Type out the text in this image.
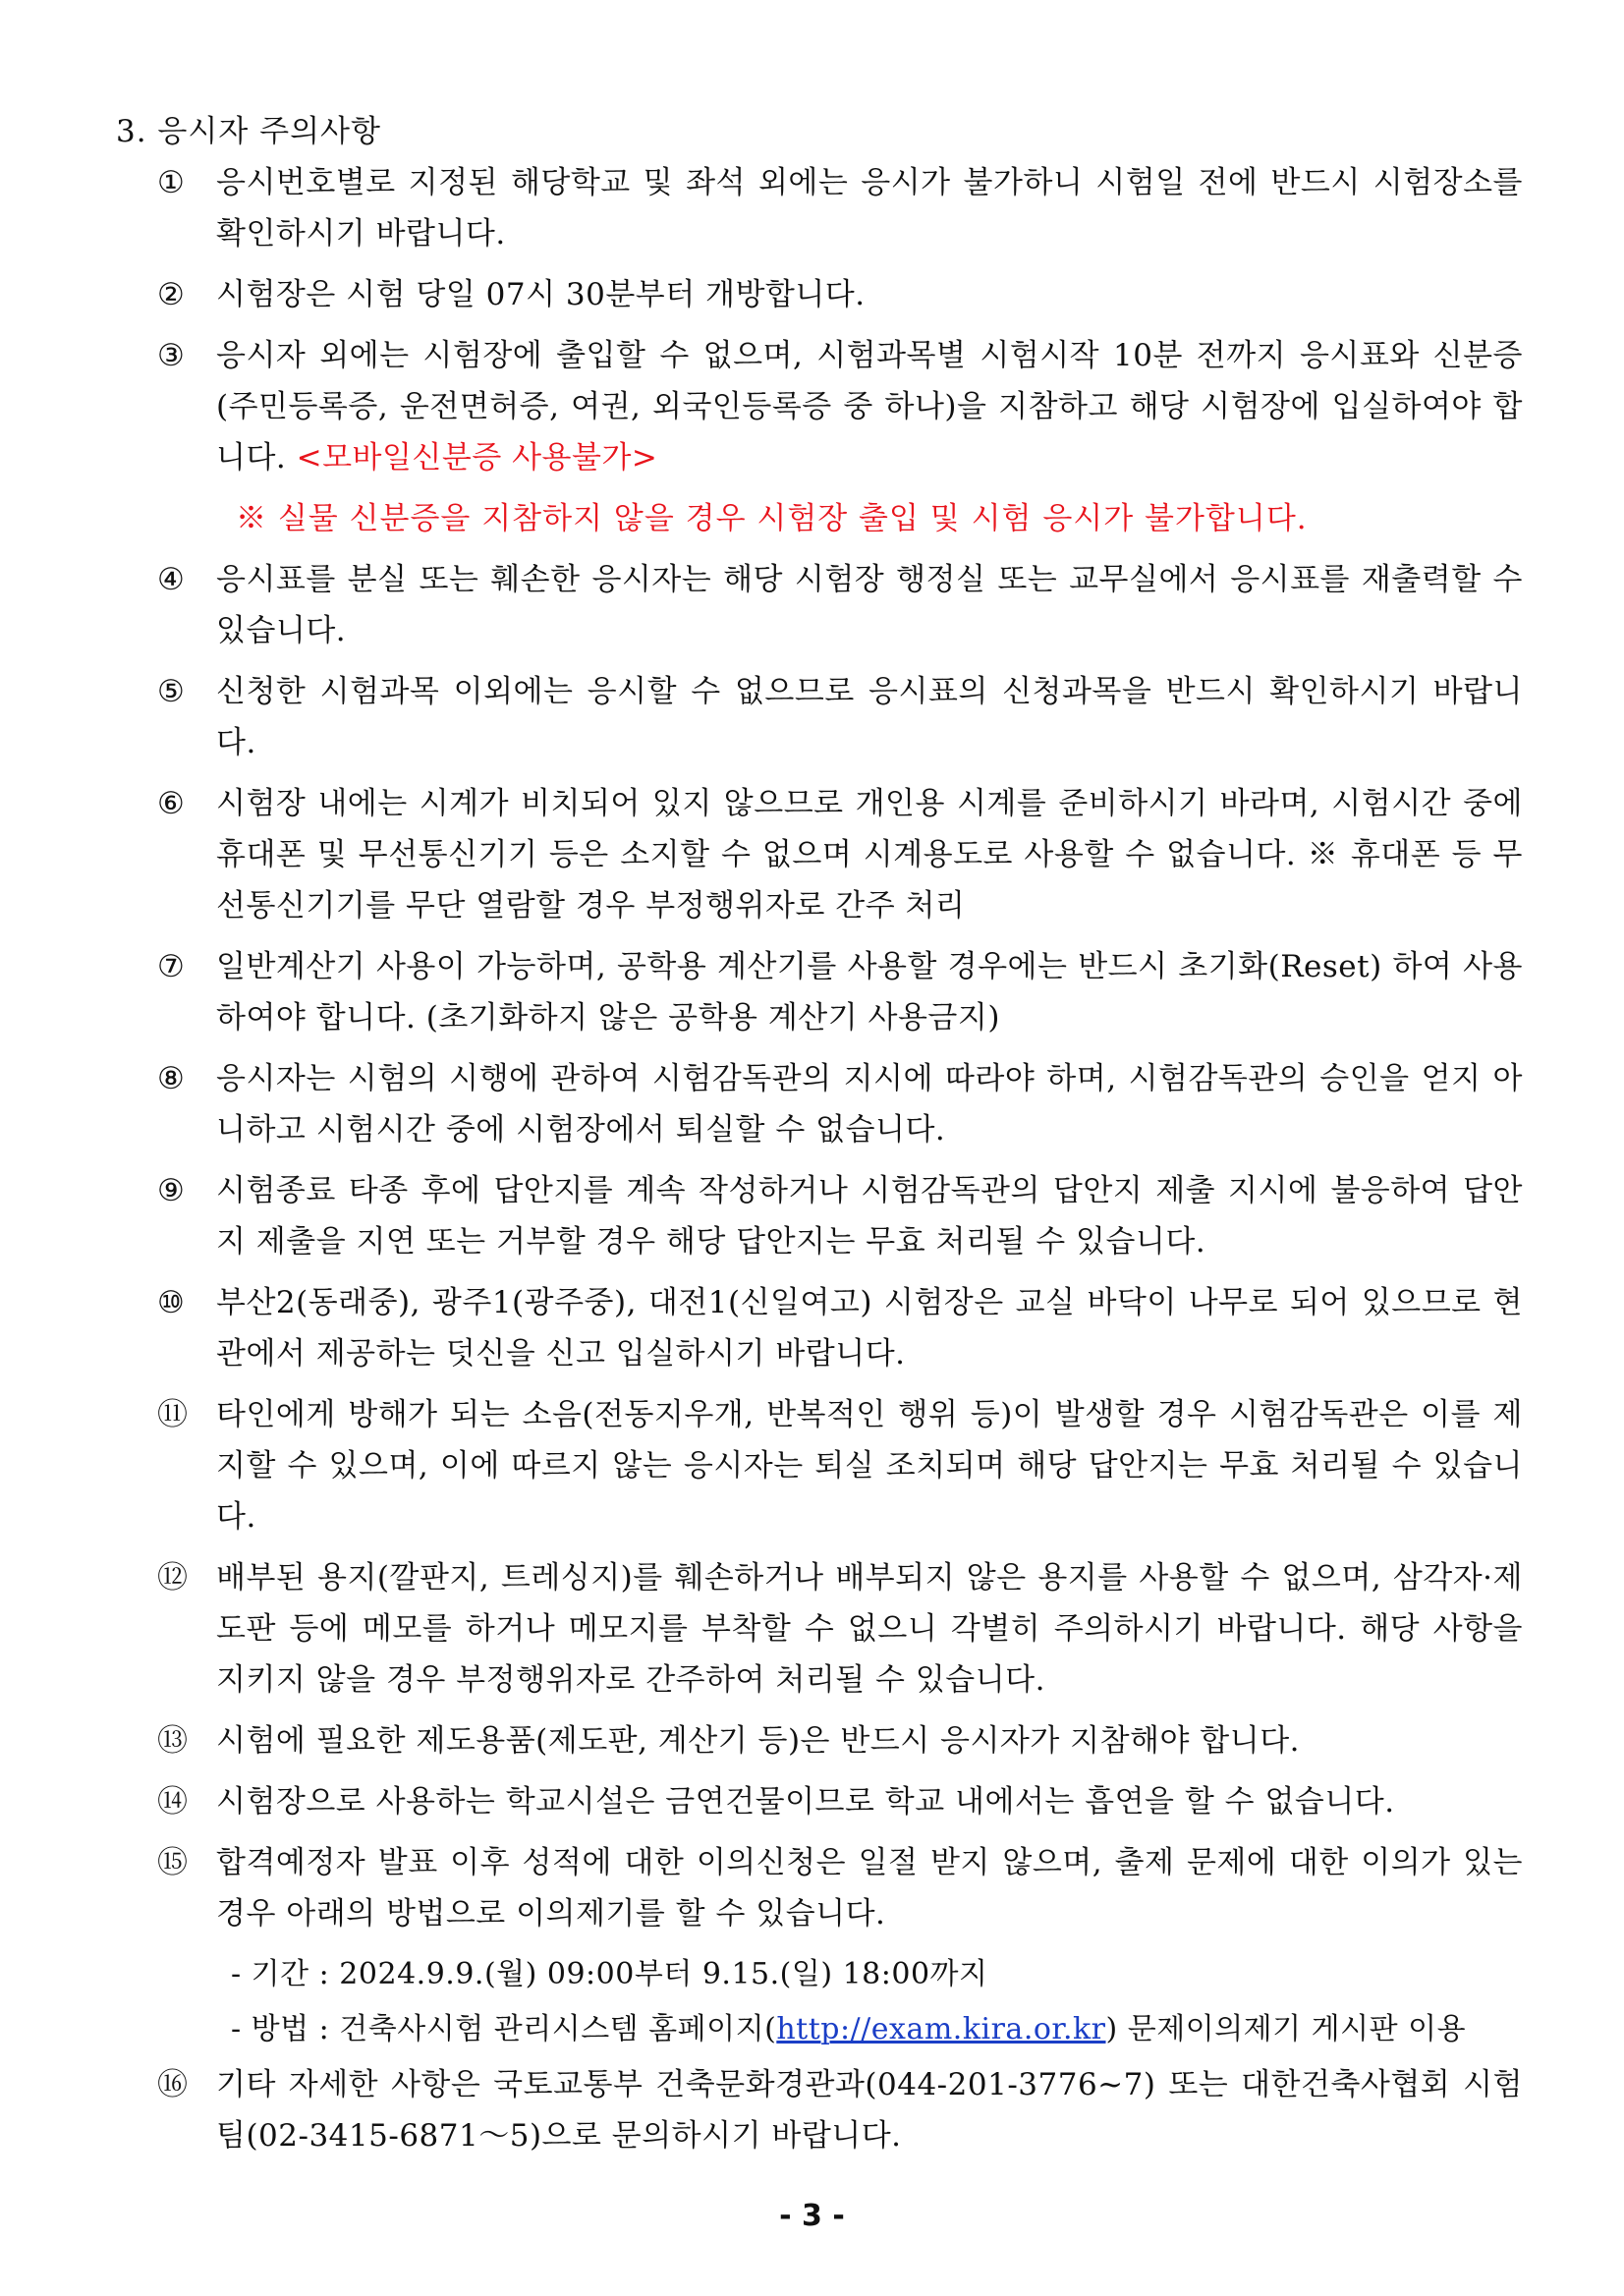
3. 응시자 주의사항
①	응시번호별로 지정된 해당학교 및 좌석 외에는 응시가 불가하니 시험일 전에 반드시 시험장소를 확인하시기 바랍니다.
②	시험장은 시험 당일 07시 30분부터 개방합니다.
③	응시자 외에는 시험장에 출입할 수 없으며, 시험과목별 시험시작 10분 전까지 응시표와 신분증(주민등록증, 운전면허증, 여권, 외국인등록증 중 하나)을 지참하고 해당 시험장에 입실하여야 합니다. <모바일신분증 사용불가>
※ 실물 신분증을 지참하지 않을 경우 시험장 출입 및 시험 응시가 불가합니다.
④	응시표를 분실 또는 훼손한 응시자는 해당 시험장 행정실 또는 교무실에서 응시표를 재출력할 수 있습니다.
⑤	신청한 시험과목 이외에는 응시할 수 없으므로 응시표의 신청과목을 반드시 확인하시기 바랍니다.
⑥	시험장 내에는 시계가 비치되어 있지 않으므로 개인용 시계를 준비하시기 바라며, 시험시간 중에 휴대폰 및 무선통신기기 등은 소지할 수 없으며 시계용도로 사용할 수 없습니다. ※ 휴대폰 등 무선통신기기를 무단 열람할 경우 부정행위자로 간주 처리
⑦	일반계산기 사용이 가능하며, 공학용 계산기를 사용할 경우에는 반드시 초기화(Reset) 하여 사용하여야 합니다. (초기화하지 않은 공학용 계산기 사용금지)
⑧	응시자는 시험의 시행에 관하여 시험감독관의 지시에 따라야 하며, 시험감독관의 승인을 얻지 아니하고 시험시간 중에 시험장에서 퇴실할 수 없습니다.
⑨	시험종료 타종 후에 답안지를 계속 작성하거나 시험감독관의 답안지 제출 지시에 불응하여 답안지 제출을 지연 또는 거부할 경우 해당 답안지는 무효 처리될 수 있습니다.
⑩	부산2(동래중), 광주1(광주중), 대전1(신일여고) 시험장은 교실 바닥이 나무로 되어 있으므로 현관에서 제공하는 덧신을 신고 입실하시기 바랍니다.
⑪ 타인에게 방해가 되는 소음(전동지우개, 반복적인 행위 등)이 발생할 경우 시험감독관은 이를 제지할 수 있으며, 이에 따르지 않는 응시자는 퇴실 조치되며 해당 답안지는 무효 처리될 수 있습니다.
⑫ 배부된 용지(깔판지, 트레싱지)를 훼손하거나 배부되지 않은 용지를 사용할 수 없으며, 삼각자·제도판 등에 메모를 하거나 메모지를 부착할 수 없으니 각별히 주의하시기 바랍니다. 해당 사항을 지키지 않을 경우 부정행위자로 간주하여 처리될 수 있습니다.
⑬ 시험에 필요한 제도용품(제도판, 계산기 등)은 반드시 응시자가 지참해야 합니다.
⑭ 시험장으로 사용하는 학교시설은 금연건물이므로 학교 내에서는 흡연을 할 수 없습니다.
⑮ 합격예정자 발표 이후 성적에 대한 이의신청은 일절 받지 않으며, 출제 문제에 대한 이의가 있는 경우 아래의 방법으로 이의제기를 할 수 있습니다.
- 기간 : 2024.9.9.(월) 09:00부터 9.15.(일) 18:00까지
- 방법 : 건축사시험 관리시스템 홈페이지(http://exam.kira.or.kr) 문제이의제기 게시판 이용
⑯ 기타 자세한 사항은 국토교통부 건축문화경관과(044-201-3776~7) 또는 대한건축사협회 시험팀(02-3415-6871～5)으로 문의하시기 바랍니다.
- 3 -
